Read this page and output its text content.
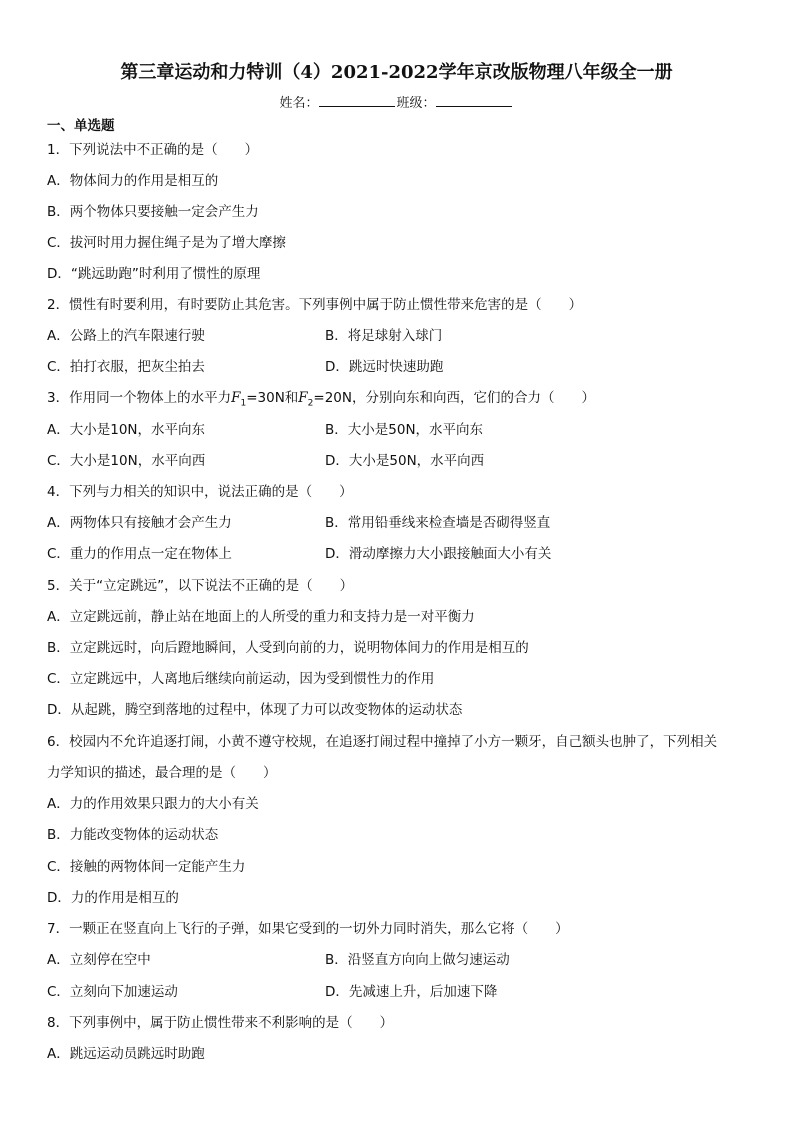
第三章运动和力特训（4）2021-2022学年京改版物理八年级全一册
姓名：	班级：
一、单选题
1．下列说法中不正确的是（　　）
A．物体间力的作用是相互的
B．两个物体只要接触一定会产生力
C．拔河时用力握住绳子是为了增大摩擦
D．“跳远助跑”时利用了惯性的原理
2．惯性有时要利用，有时要防止其危害。下列事例中属于防止惯性带来危害的是（　　）
A．公路上的汽车限速行驶	B．将足球射入球门
C．拍打衣服，把灰尘拍去	D．跳远时快速助跑
3．作用同一个物体上的水平力$F_1=30N$和$F_2=20N$，分别向东和向西，它们的合力（　　）
A．大小是10N，水平向东	B．大小是50N，水平向东
C．大小是10N，水平向西	D．大小是50N，水平向西
4．下列与力相关的知识中，说法正确的是（　　）
A．两物体只有接触才会产生力	B．常用铅垂线来检查墙是否砌得竖直
C．重力的作用点一定在物体上	D．滑动摩擦力大小跟接触面大小有关
5．关于“立定跳远”，以下说法不正确的是（　　）
A．立定跳远前，静止站在地面上的人所受的重力和支持力是一对平衡力
B．立定跳远时，向后蹬地瞬间，人受到向前的力，说明物体间力的作用是相互的
C．立定跳远中，人离地后继续向前运动，因为受到惯性力的作用
D．从起跳，腾空到落地的过程中，体现了力可以改变物体的运动状态
6．校园内不允许追逐打闹，小黄不遵守校规，在追逐打闹过程中撞掉了小方一颗牙，自己额头也肿了，下列相关
力学知识的描述，最合理的是（　　）
A．力的作用效果只跟力的大小有关
B．力能改变物体的运动状态
C．接触的两物体间一定能产生力
D．力的作用是相互的
7．一颗正在竖直向上飞行的子弹，如果它受到的一切外力同时消失，那么它将（　　）
A．立刻停在空中	B．沿竖直方向向上做匀速运动
C．立刻向下加速运动	D．先减速上升，后加速下降
8．下列事例中，属于防止惯性带来不利影响的是（　　）
A．跳远运动员跳远时助跑
